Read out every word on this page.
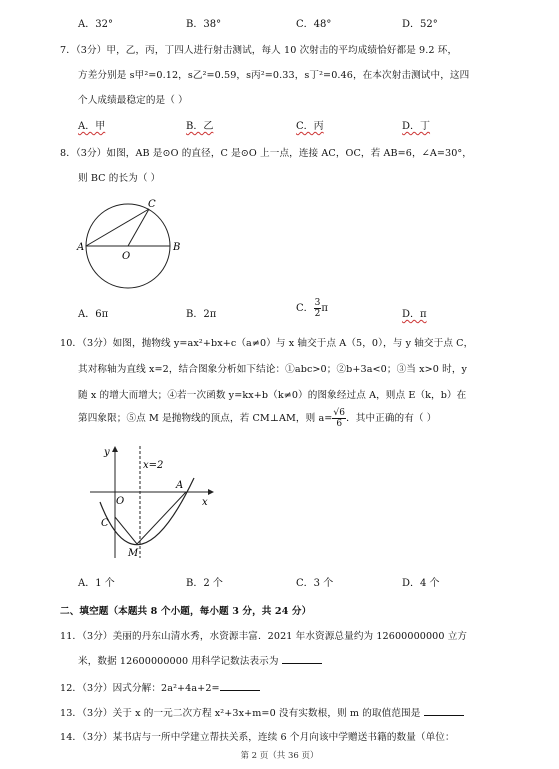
A．32°	B．38°	C．48°	D．52°
7．（3分）甲，乙，丙，丁四人进行射击测试，每人 10 次射击的平均成绩恰好都是 9.2 环，
方差分别是 s甲²=0.12，s乙²=0.59，s丙²=0.33，s丁²=0.46，在本次射击测试中，这四
个人成绩最稳定的是（ ）
A．甲	B．乙	C．丙	D．丁
8．（3分）如图，AB 是⊙O 的直径，C 是⊙O 上一点，连接 AC，OC，若 AB=6，∠A=30°，
则 BC 的长为（ ）
A	B
C
O
A．6π	B．2π
C． $\frac{3}{2}$ π
D．π
10．（3分）如图，抛物线 y=ax²+bx+c（a≠0）与 x 轴交于点 A（5，0），与 y 轴交于点 C，
其对称轴为直线 x=2，结合图象分析如下结论：①abc>0；②b+3a<0；③当 x>0 时，y
随 x 的增大而增大；④若一次函数 y=kx+b（k≠0）的图象经过点 A，则点 E（k，b）在
第四象限；⑤点 M 是抛物线的顶点，若 CM⊥AM，则 $a= \frac{√6}{6}$ ．其中正确的有（ ）
y
x
O
A
C
M
x=2
A．1 个	B．2 个	C．3 个	D．4 个
二、填空题（本题共 8 个小题，每小题 3 分，共 24 分）
11．（3分）美丽的丹东山清水秀，水资源丰富．2021 年水资源总量约为 12600000000 立方
米，数据 12600000000 用科学记数法表示为
12．（3分）因式分解：2a²+4a+2=
13．（3分）关于 x 的一元二次方程 x²+3x+m=0 没有实数根，则 m 的取值范围是
14．（3分）某书店与一所中学建立帮扶关系，连续 6 个月向该中学赠送书籍的数量（单位：
第 2 页（共 36 页）
